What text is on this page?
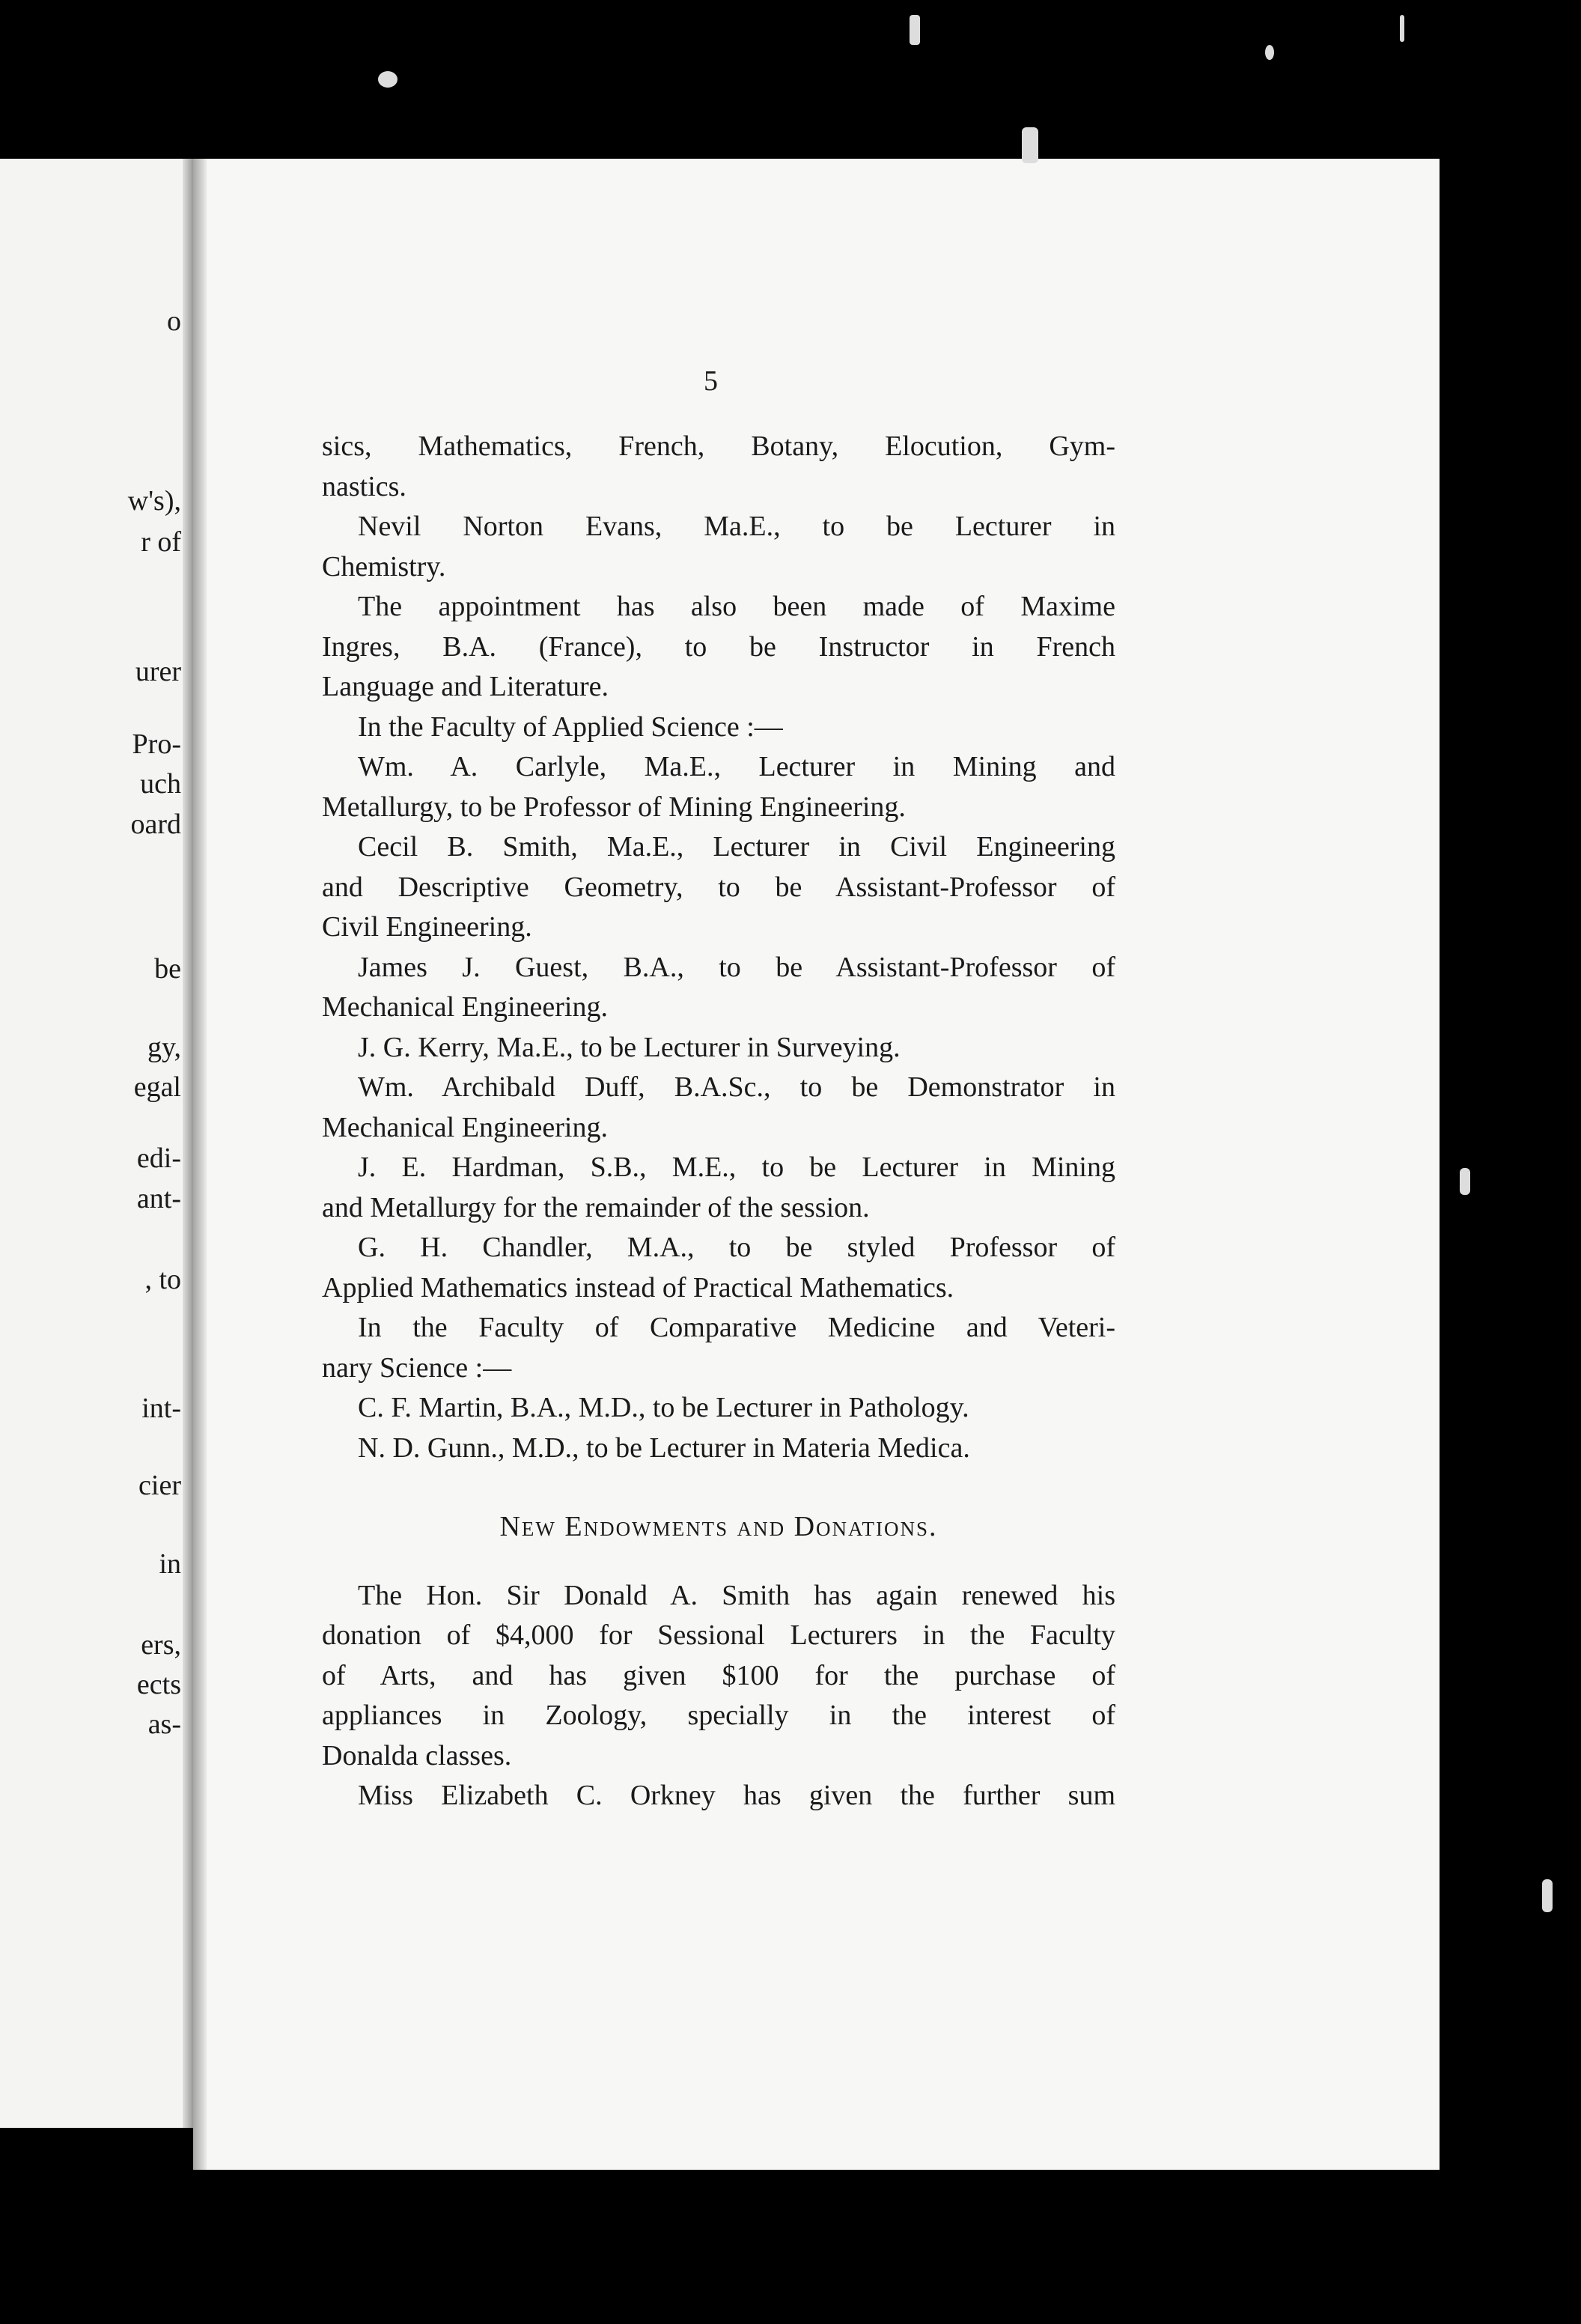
o
w's),
r of
urer
Pro-
uch
oard
be
gy,
egal
edi-
ant-
, to
int-
cier
in
ers,
ects
as-
5
sics, Mathematics, French, Botany, Elocution, Gym-
nastics.
Nevil Norton Evans, Ma.E., to be Lecturer in
Chemistry.
The appointment has also been made of Maxime
Ingres, B.A. (France), to be Instructor in French
Language and Literature.
In the Faculty of Applied Science :—
Wm. A. Carlyle, Ma.E., Lecturer in Mining and
Metallurgy, to be Professor of Mining Engineering.
Cecil B. Smith, Ma.E., Lecturer in Civil Engineering
and Descriptive Geometry, to be Assistant-Professor of
Civil Engineering.
James J. Guest, B.A., to be Assistant-Professor of
Mechanical Engineering.
J. G. Kerry, Ma.E., to be Lecturer in Surveying.
Wm. Archibald Duff, B.A.Sc., to be Demonstrator in
Mechanical Engineering.
J. E. Hardman, S.B., M.E., to be Lecturer in Mining
and Metallurgy for the remainder of the session.
G. H. Chandler, M.A., to be styled Professor of
Applied Mathematics instead of Practical Mathematics.
In the Faculty of Comparative Medicine and Veteri-
nary Science :—
C. F. Martin, B.A., M.D., to be Lecturer in Pathology.
N. D. Gunn., M.D., to be Lecturer in Materia Medica.
New Endowments and Donations.
The Hon. Sir Donald A. Smith has again renewed his
donation of $4,000 for Sessional Lecturers in the Faculty
of Arts, and has given $100 for the purchase of
appliances in Zoology, specially in the interest of
Donalda classes.
Miss Elizabeth C. Orkney has given the further sum
